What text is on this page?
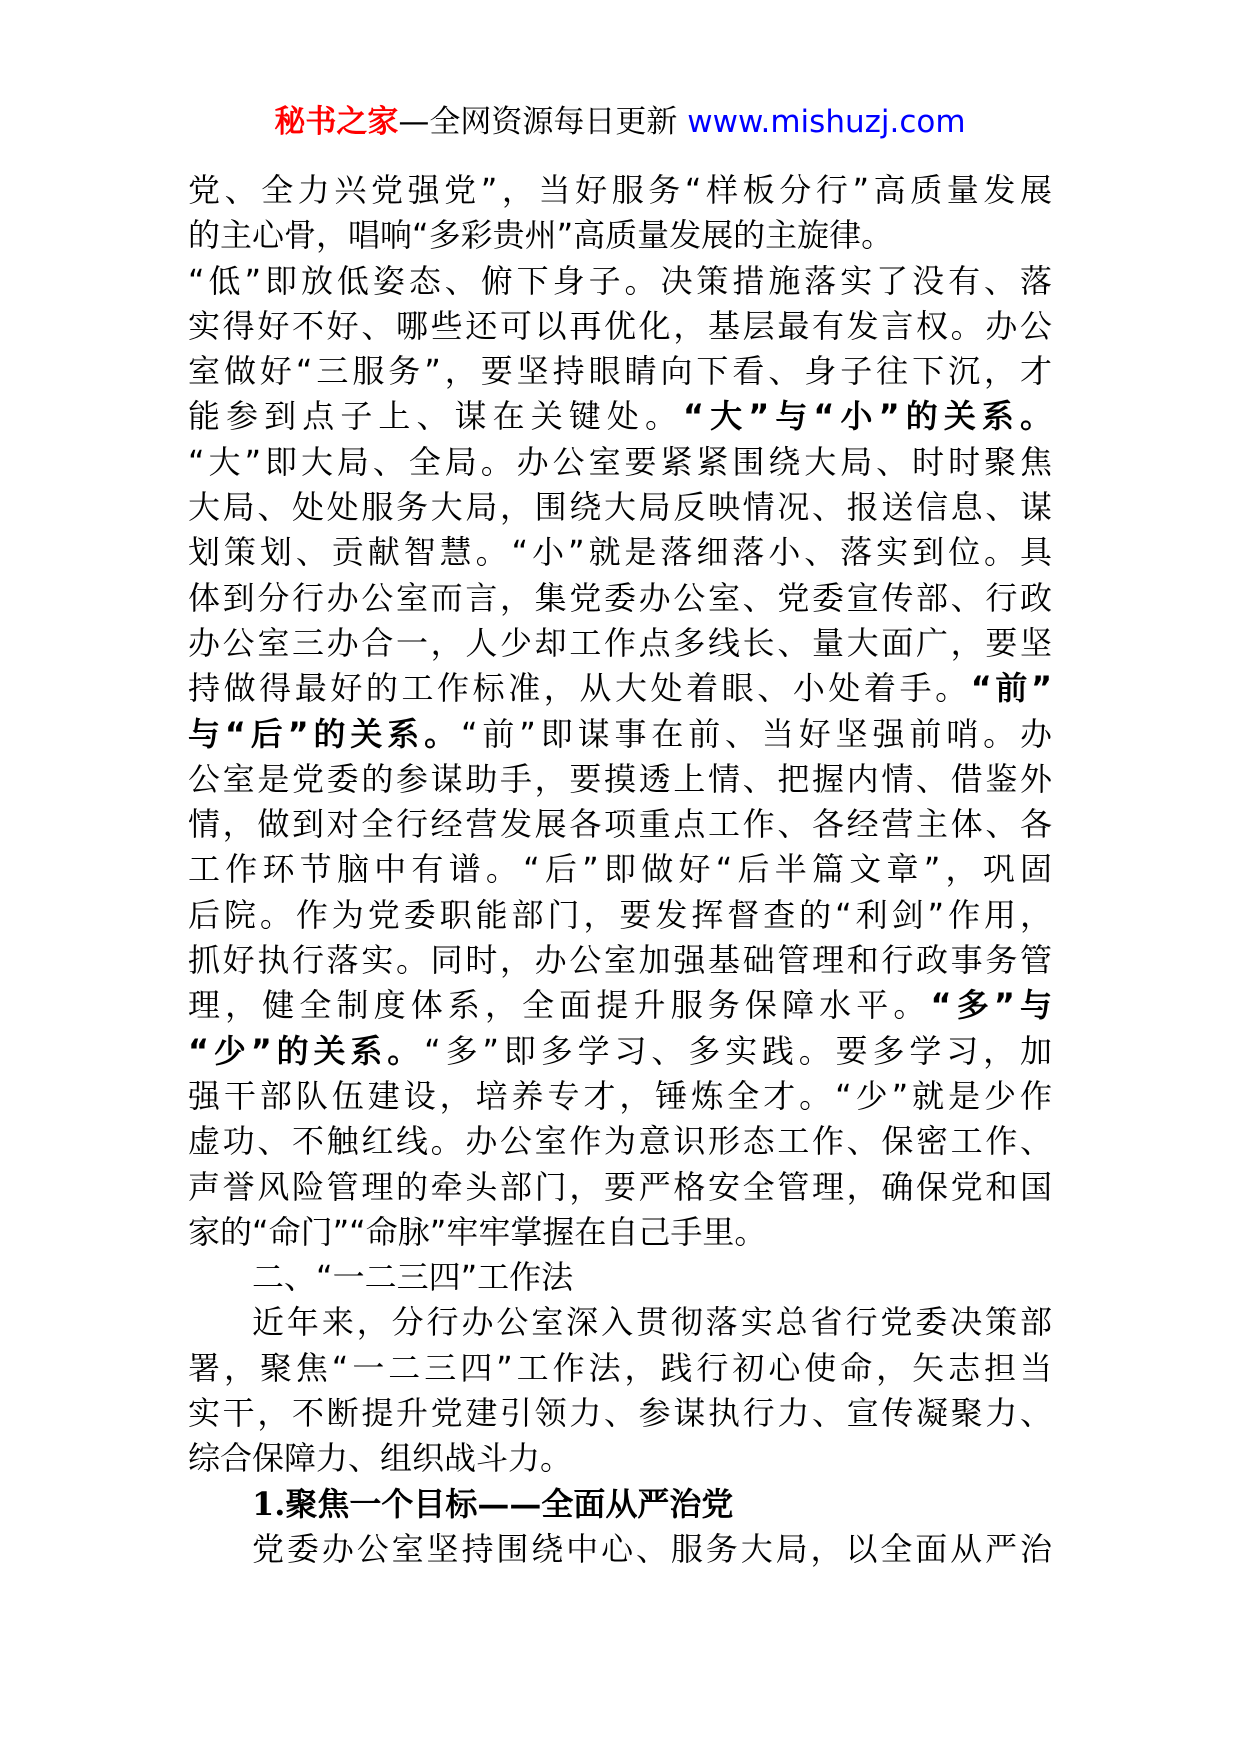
秘书之家—全网资源每日更新 www.mishuzj.com
党、全力兴党强党”，当好服务“样板分行”高质量发展
的主心骨，唱响“多彩贵州”高质量发展的主旋律。
“低”即放低姿态、俯下身子。决策措施落实了没有、落
实得好不好、哪些还可以再优化，基层最有发言权。办公
室做好“三服务”，要坚持眼睛向下看、身子往下沉，才
能参到点子上、谋在关键处。“大”与“小”的关系。
“大”即大局、全局。办公室要紧紧围绕大局、时时聚焦
大局、处处服务大局，围绕大局反映情况、报送信息、谋
划策划、贡献智慧。“小”就是落细落小、落实到位。具
体到分行办公室而言，集党委办公室、党委宣传部、行政
办公室三办合一，人少却工作点多线长、量大面广，要坚
持做得最好的工作标准，从大处着眼、小处着手。“前”
与“后”的关系。“前”即谋事在前、当好坚强前哨。办
公室是党委的参谋助手，要摸透上情、把握内情、借鉴外
情，做到对全行经营发展各项重点工作、各经营主体、各
工作环节脑中有谱。“后”即做好“后半篇文章”，巩固
后院。作为党委职能部门，要发挥督查的“利剑”作用，
抓好执行落实。同时，办公室加强基础管理和行政事务管
理，健全制度体系，全面提升服务保障水平。“多”与
“少”的关系。“多”即多学习、多实践。要多学习，加
强干部队伍建设，培养专才，锤炼全才。“少”就是少作
虚功、不触红线。办公室作为意识形态工作、保密工作、
声誉风险管理的牵头部门，要严格安全管理，确保党和国
家的“命门”“命脉”牢牢掌握在自己手里。
二、“一二三四”工作法
近年来，分行办公室深入贯彻落实总省行党委决策部
署，聚焦“一二三四”工作法，践行初心使命，矢志担当
实干，不断提升党建引领力、参谋执行力、宣传凝聚力、
综合保障力、组织战斗力。
1.聚焦一个目标——全面从严治党
党委办公室坚持围绕中心、服务大局，以全面从严治
